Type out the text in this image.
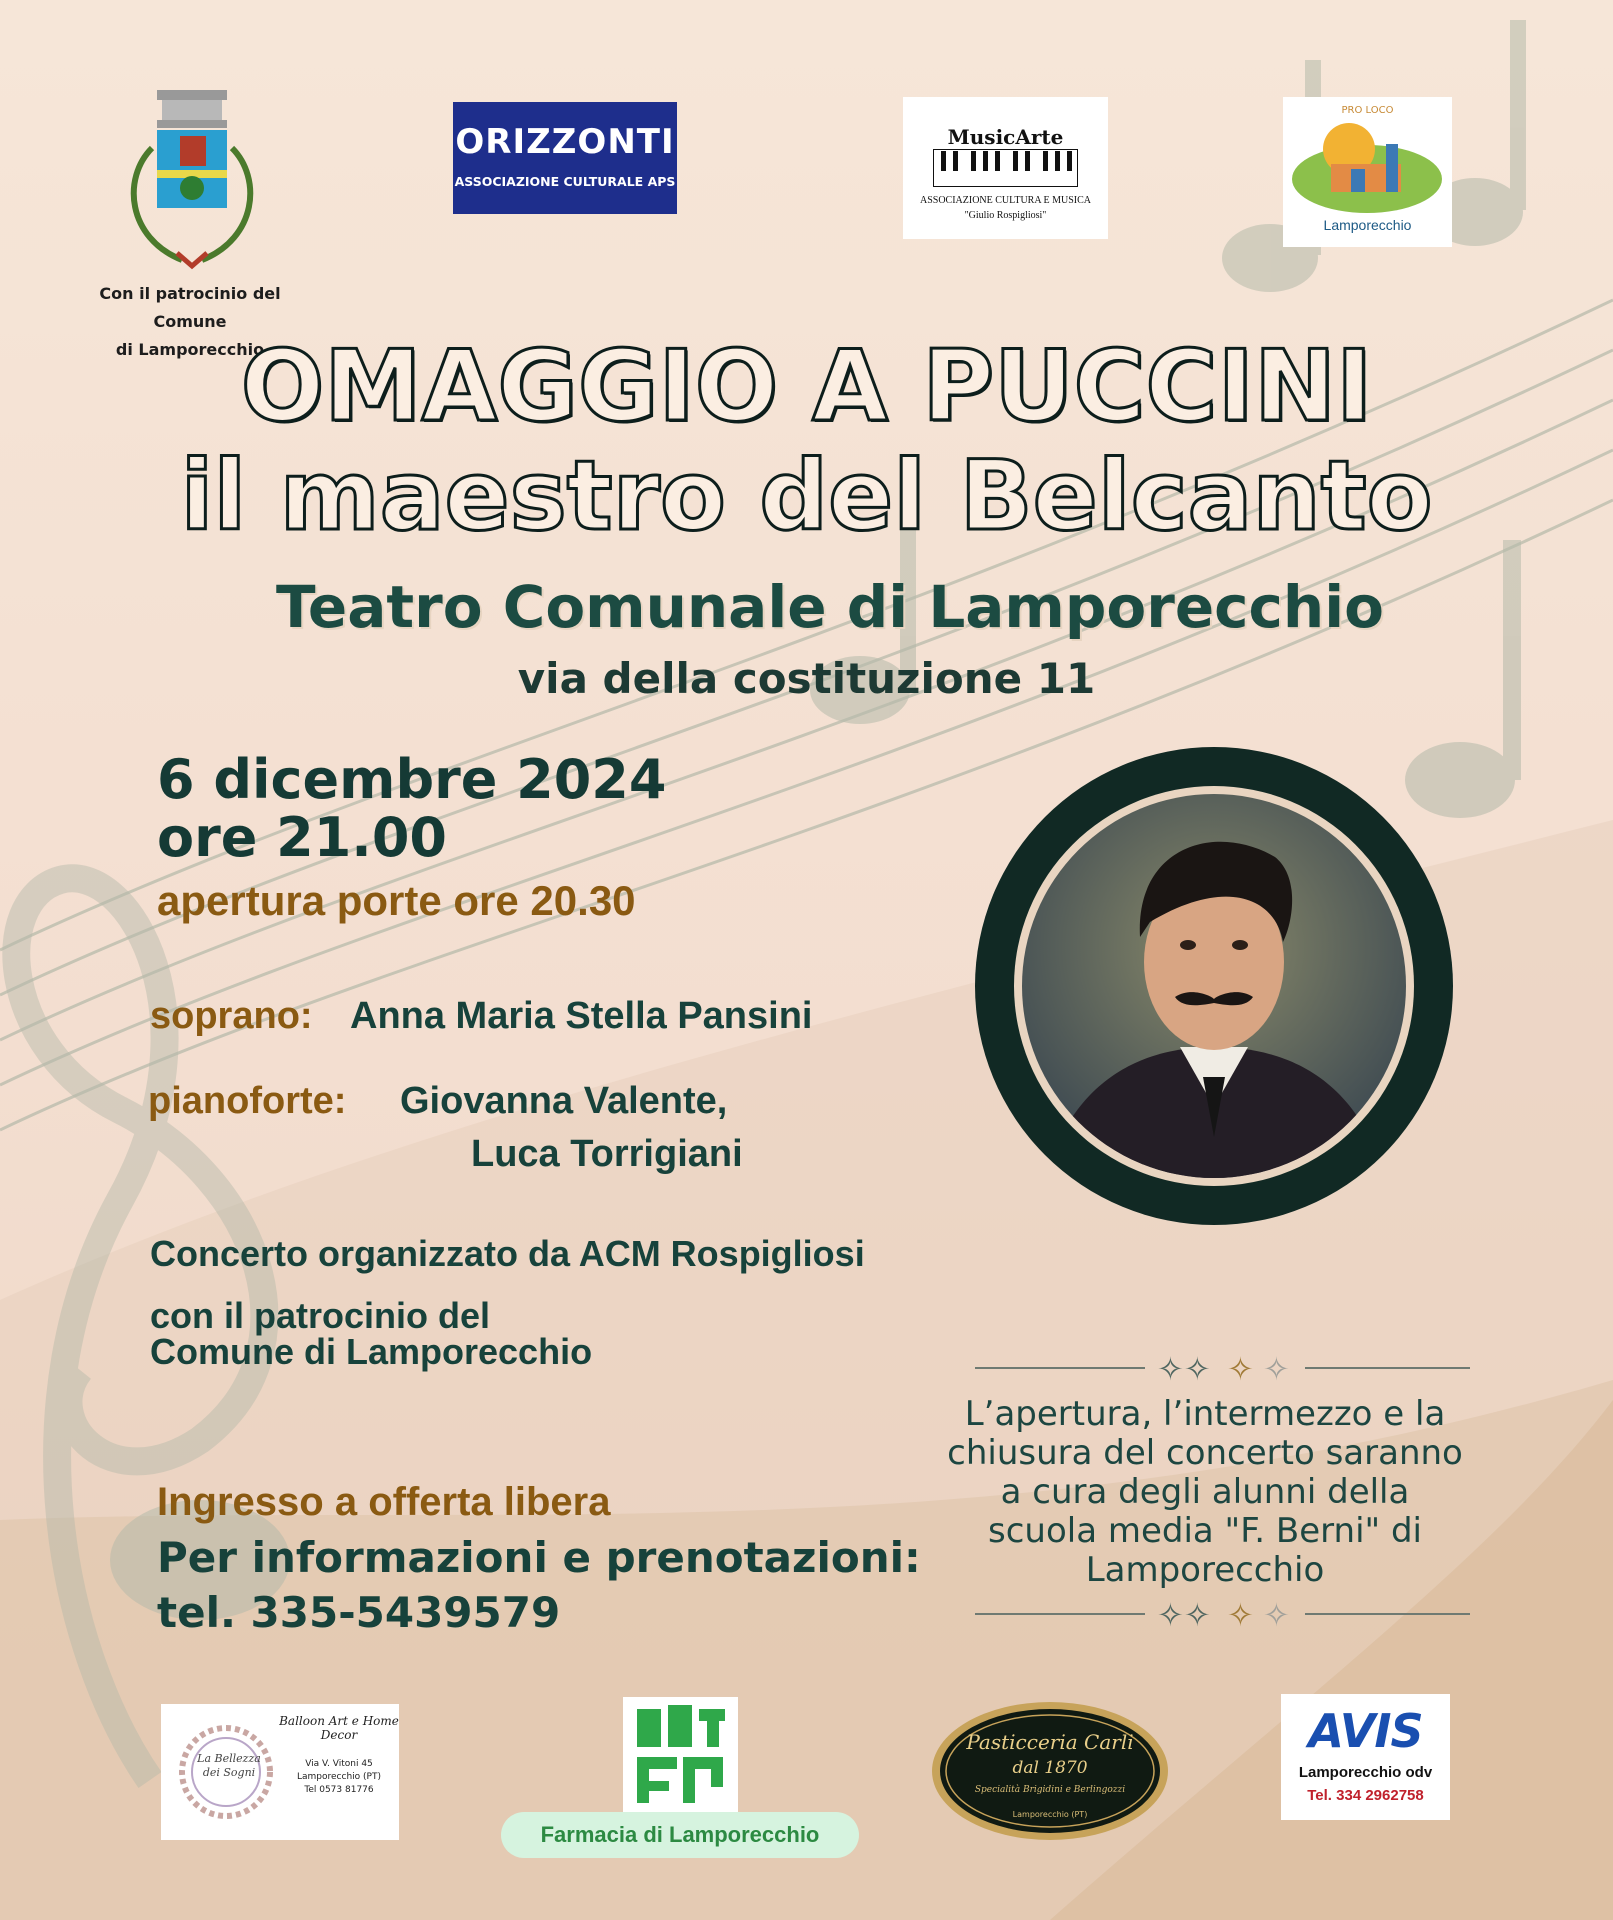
Con il patrocinio del Comune
di Lamporecchio
ORIZZONTI
ASSOCIAZIONE CULTURALE APS
MusicArte
ASSOCIAZIONE CULTURA E MUSICA
"Giulio Rospigliosi"
PRO LOCO
Lamporecchio
OMAGGIO A PUCCINI
il maestro del Belcanto
Teatro Comunale di Lamporecchio
via della costituzione 11
6 dicembre 2024
ore 21.00
apertura porte ore 20.30
soprano: Anna Maria Stella Pansini
pianoforte: Giovanna Valente,
Luca Torrigiani
Concerto organizzato da ACM Rospigliosi
con il patrocinio del
Comune di Lamporecchio	✧✧ ✧ ✧
L’apertura, l’intermezzo e la
chiusura del concerto saranno
a cura degli alunni della
scuola media "F. Berni" di
Lamporecchio
✧✧ ✧ ✧
Ingresso a offerta libera
Per informazioni e prenotazioni:
tel. 335-5439579
La Bellezza dei Sogni
Balloon Art e Home Decor
Via V. Vitoni 45
Lamporecchio (PT)
Tel 0573 81776
Farmacia di Lamporecchio
Pasticceria Carli
dal 1870
Specialità Brigidini e Berlingozzi
Lamporecchio (PT)
AVIS
Lamporecchio odv
Tel. 334 2962758
